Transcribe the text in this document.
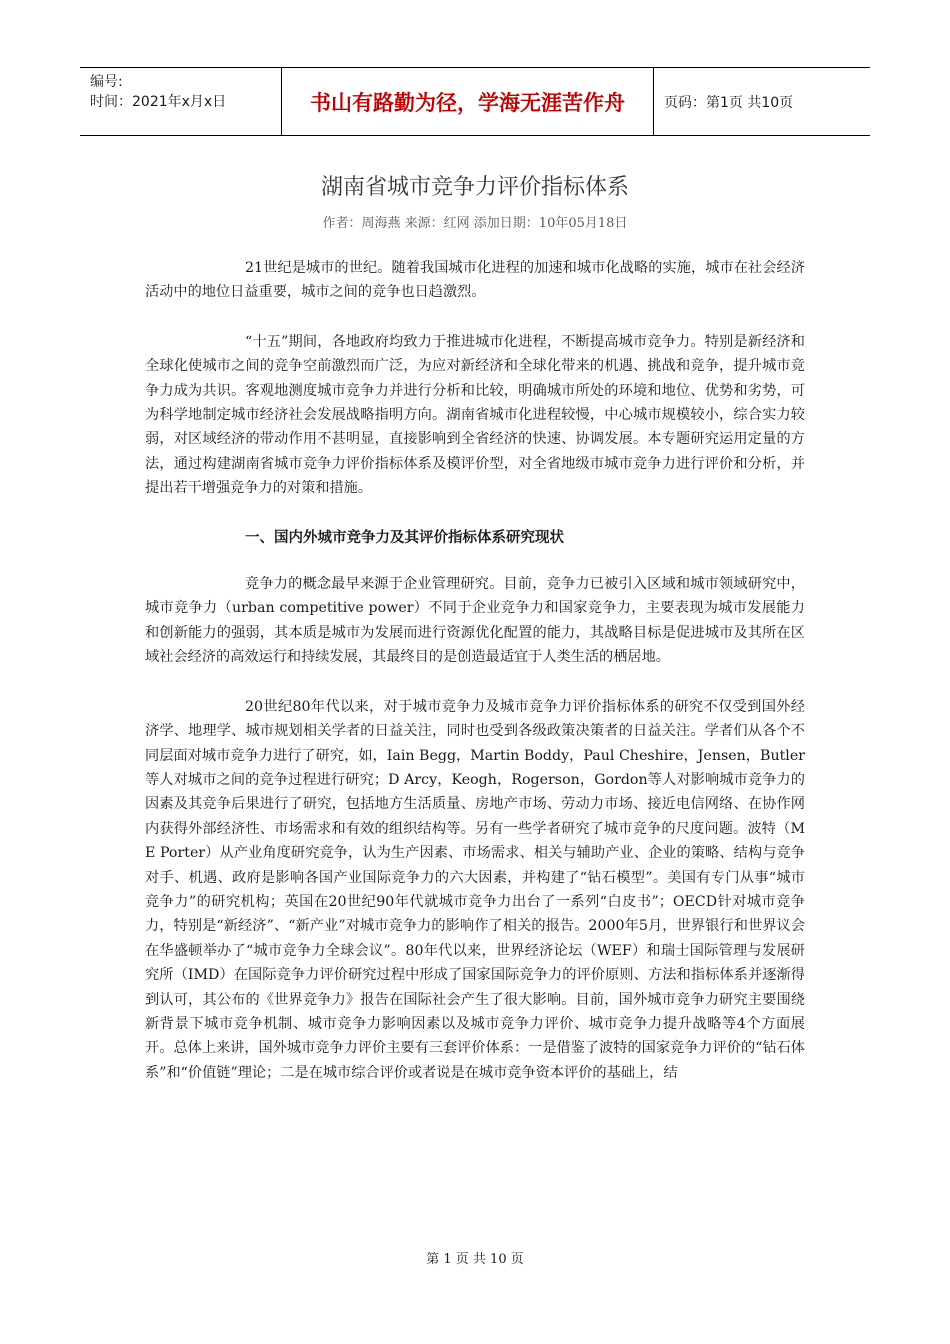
编号:
时间：2021年x月x日	书山有路勤为径，学海无涯苦作舟	页码：第1页 共10页
湖南省城市竞争力评价指标体系
作者：周海燕 来源：红网 添加日期：10年05月18日

21世纪是城市的世纪。随着我国城市化进程的加速和城市化战略的实施，城市在社会经济活动中的地位日益重要，城市之间的竞争也日趋激烈。

“十五”期间，各地政府均致力于推进城市化进程，不断提高城市竞争力。特别是新经济和全球化使城市之间的竞争空前激烈而广泛，为应对新经济和全球化带来的机遇、挑战和竞争，提升城市竞争力成为共识。客观地测度城市竞争力并进行分析和比较，明确城市所处的环境和地位、优势和劣势，可为科学地制定城市经济社会发展战略指明方向。湖南省城市化进程较慢，中心城市规模较小，综合实力较弱，对区域经济的带动作用不甚明显，直接影响到全省经济的快速、协调发展。本专题研究运用定量的方法，通过构建湖南省城市竞争力评价指标体系及模评价型，对全省地级市城市竞争力进行评价和分析，并提出若干增强竞争力的对策和措施。

一、国内外城市竞争力及其评价指标体系研究现状

竞争力的概念最早来源于企业管理研究。目前，竞争力已被引入区域和城市领域研究中，城市竞争力（urban competitive power）不同于企业竞争力和国家竞争力，主要表现为城市发展能力和创新能力的强弱，其本质是城市为发展而进行资源优化配置的能力，其战略目标是促进城市及其所在区域社会经济的高效运行和持续发展，其最终目的是创造最适宜于人类生活的栖居地。

20世纪80年代以来，对于城市竞争力及城市竞争力评价指标体系的研究不仅受到国外经济学、地理学、城市规划相关学者的日益关注，同时也受到各级政策决策者的日益关注。学者们从各个不同层面对城市竞争力进行了研究，如，Iain Begg，Martin Boddy，Paul Cheshire，Jensen，Butler等人对城市之间的竞争过程进行研究；D Arcy，Keogh，Rogerson，Gordon等人对影响城市竞争力的因素及其竞争后果进行了研究，包括地方生活质量、房地产市场、劳动力市场、接近电信网络、在协作网内获得外部经济性、市场需求和有效的组织结构等。另有一些学者研究了城市竞争的尺度问题。波特（M E Porter）从产业角度研究竞争，认为生产因素、市场需求、相关与辅助产业、企业的策略、结构与竞争对手、机遇、政府是影响各国产业国际竞争力的六大因素，并构建了“钻石模型”。美国有专门从事“城市竞争力”的研究机构；英国在20世纪90年代就城市竞争力出台了一系列“白皮书”；OECD针对城市竞争力，特别是“新经济”、“新产业”对城市竞争力的影响作了相关的报告。2000年5月，世界银行和世界议会在华盛顿举办了“城市竞争力全球会议”。80年代以来，世界经济论坛（WEF）和瑞士国际管理与发展研究所（IMD）在国际竞争力评价研究过程中形成了国家国际竞争力的评价原则、方法和指标体系并逐渐得到认可，其公布的《世界竞争力》报告在国际社会产生了很大影响。目前，国外城市竞争力研究主要围绕新背景下城市竞争机制、城市竞争力影响因素以及城市竞争力评价、城市竞争力提升战略等4个方面展开。总体上来讲，国外城市竞争力评价主要有三套评价体系：一是借鉴了波特的国家竞争力评价的“钻石体系”和“价值链”理论；二是在城市综合评价或者说是在城市竞争资本评价的基础上，结

第 1 页 共 10 页
